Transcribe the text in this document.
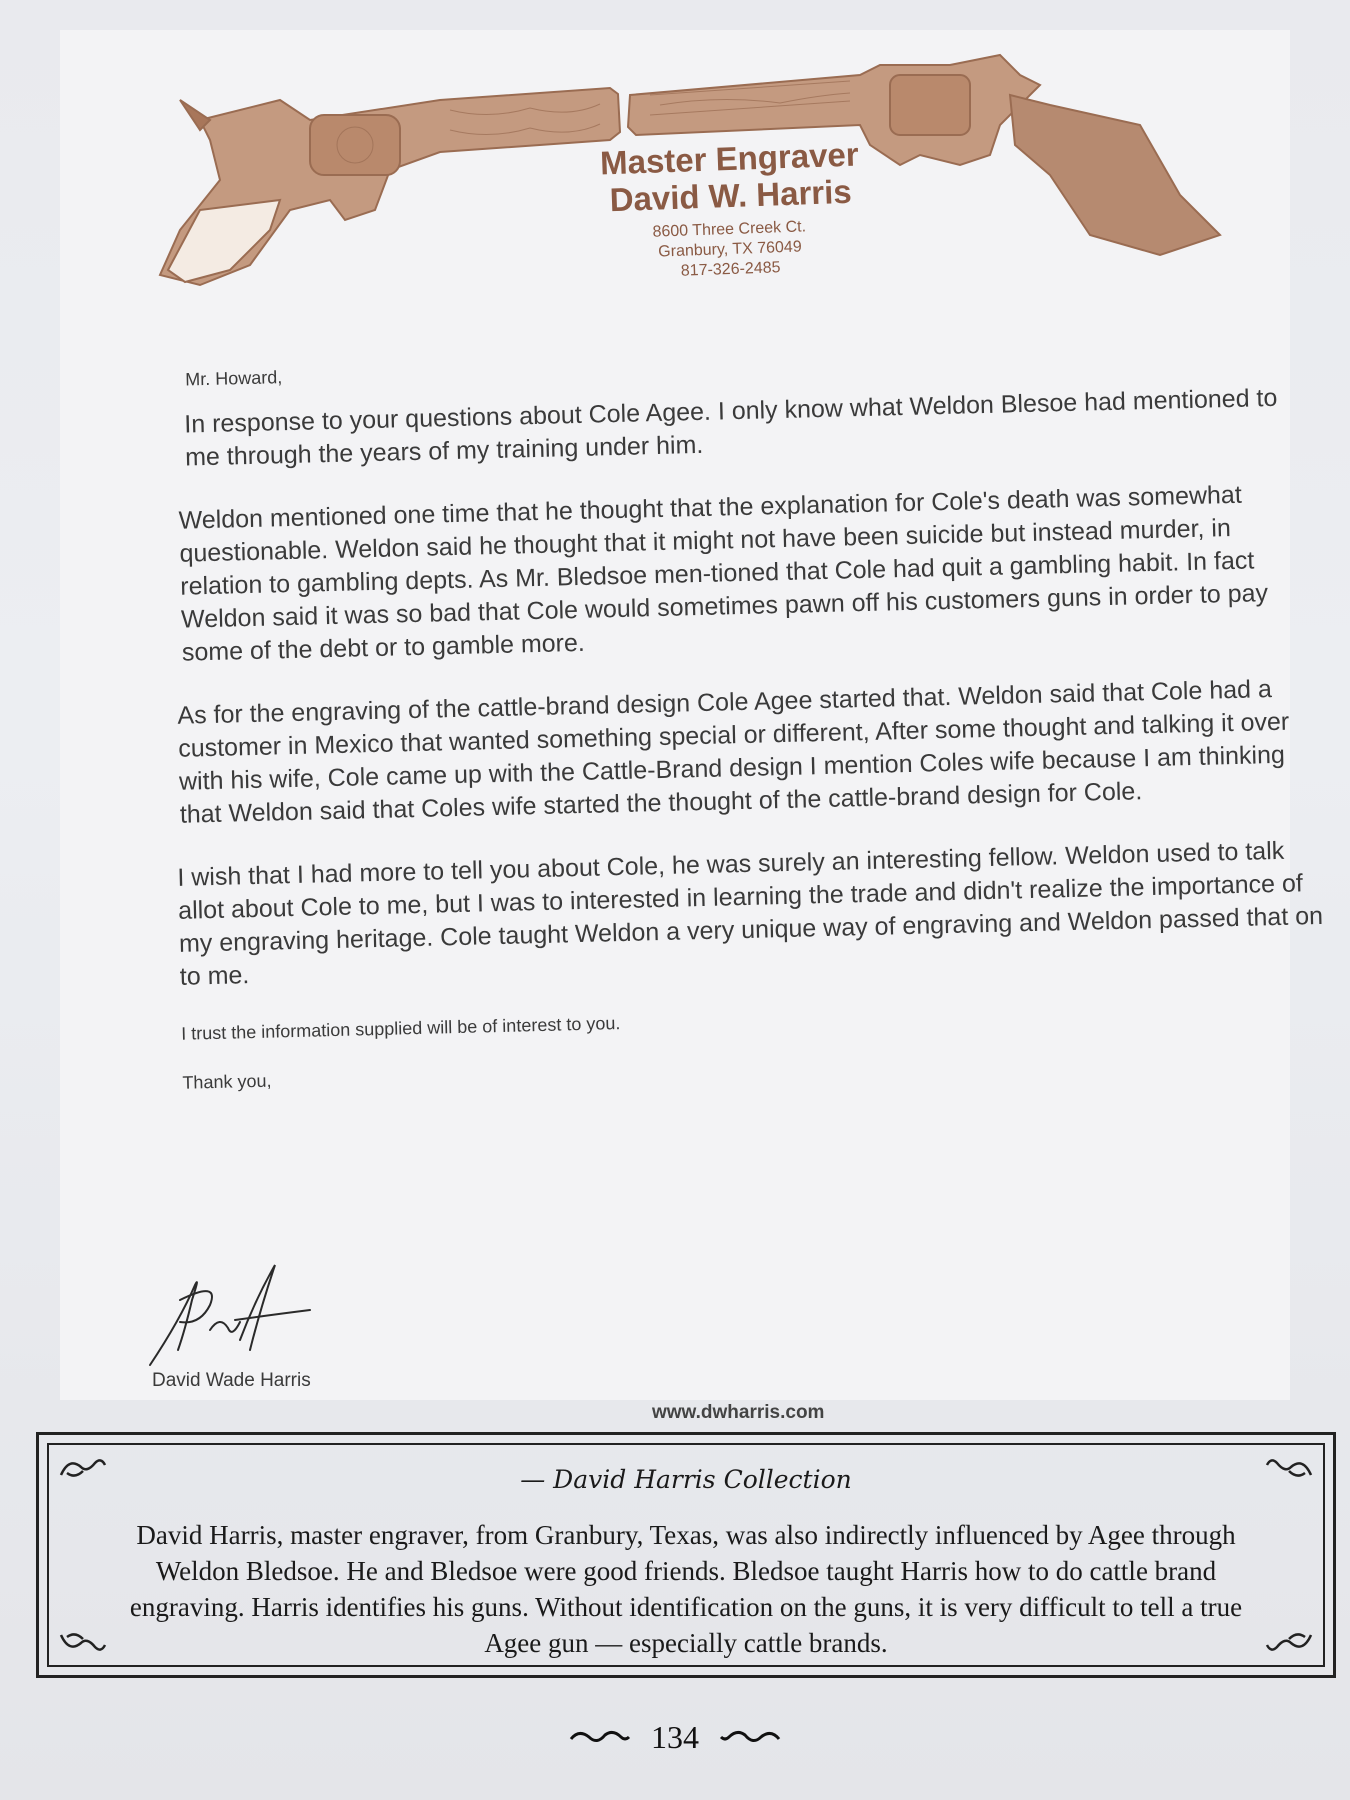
Master Engraver
David W. Harris
8600 Three Creek Ct.
Granbury, TX 76049
817-326-2485
Mr. Howard,

In response to your questions about Cole Agee. I only know what Weldon Blesoe had mentioned to me through the years of my training under him.

Weldon mentioned one time that he thought that the explanation for Cole's death was somewhat questionable. Weldon said he thought that it might not have been suicide but instead murder, in relation to gambling depts. As Mr. Bledsoe men-tioned that Cole had quit a gambling habit. In fact Weldon said it was so bad that Cole would sometimes pawn off his customers guns in order to pay some of the debt or to gamble more.

As for the engraving of the cattle-brand design Cole Agee started that. Weldon said that Cole had a customer in Mexico that wanted something special or different, After some thought and talking it over with his wife, Cole came up with the Cattle-Brand design I mention Coles wife because I am thinking that Weldon said that Coles wife started the thought of the cattle-brand design for Cole.

I wish that I had more to tell you about Cole, he was surely an interesting fellow. Weldon used to talk allot about Cole to me, but I was to interested in learning the trade and didn't realize the importance of my engraving heritage. Cole taught Weldon a very unique way of engraving and Weldon passed that on to me.

I trust the information supplied will be of interest to you.
Thank you,
David Wade Harris
www.dwharris.com
— David Harris Collection
David Harris, master engraver, from Granbury, Texas, was also indirectly influenced by Agee through Weldon Bledsoe. He and Bledsoe were good friends. Bledsoe taught Harris how to do cattle brand engraving. Harris identifies his guns. Without identification on the guns, it is very difficult to tell a true Agee gun — especially cattle brands.
134
